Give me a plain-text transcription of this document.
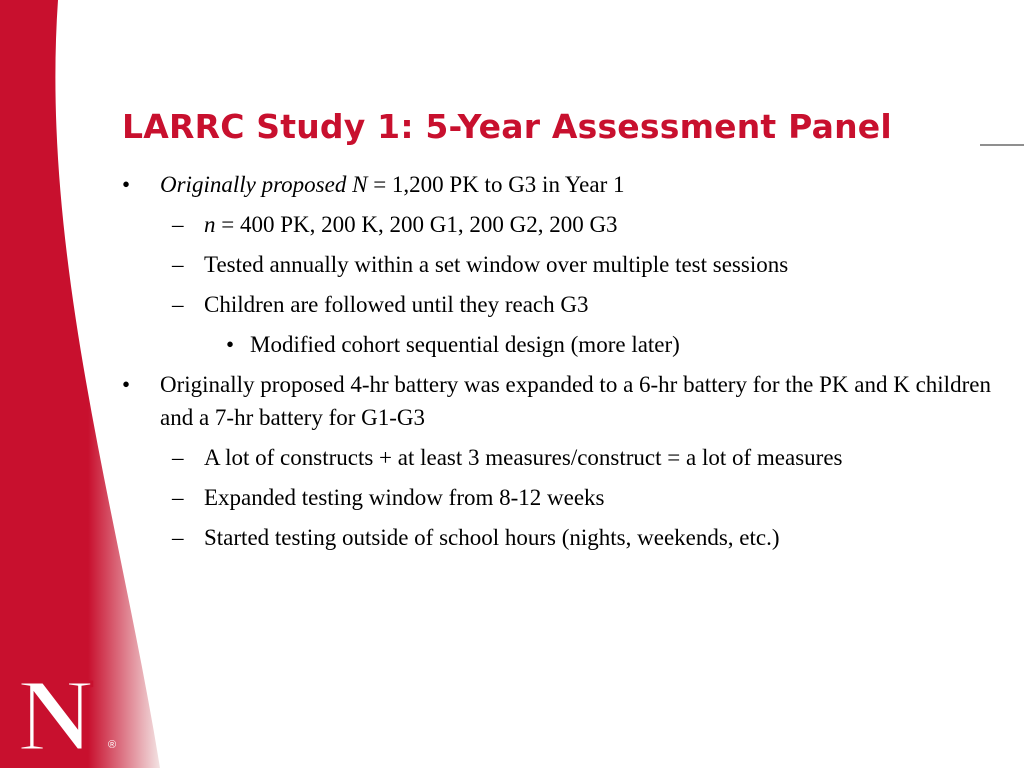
LARRC Study 1: 5-Year Assessment Panel
• Originally proposed N = 1,200 PK to G3 in Year 1
– n = 400 PK, 200 K, 200 G1, 200 G2, 200 G3
– Tested annually within a set window over multiple test sessions
– Children are followed until they reach G3
• Modified cohort sequential design (more later)
• Originally proposed 4-hr battery was expanded to a 6-hr battery for the PK and K children and a 7-hr battery for G1-G3
– A lot of constructs + at least 3 measures/construct = a lot of measures
– Expanded testing window from 8-12 weeks
– Started testing outside of school hours (nights, weekends, etc.)
N ®
